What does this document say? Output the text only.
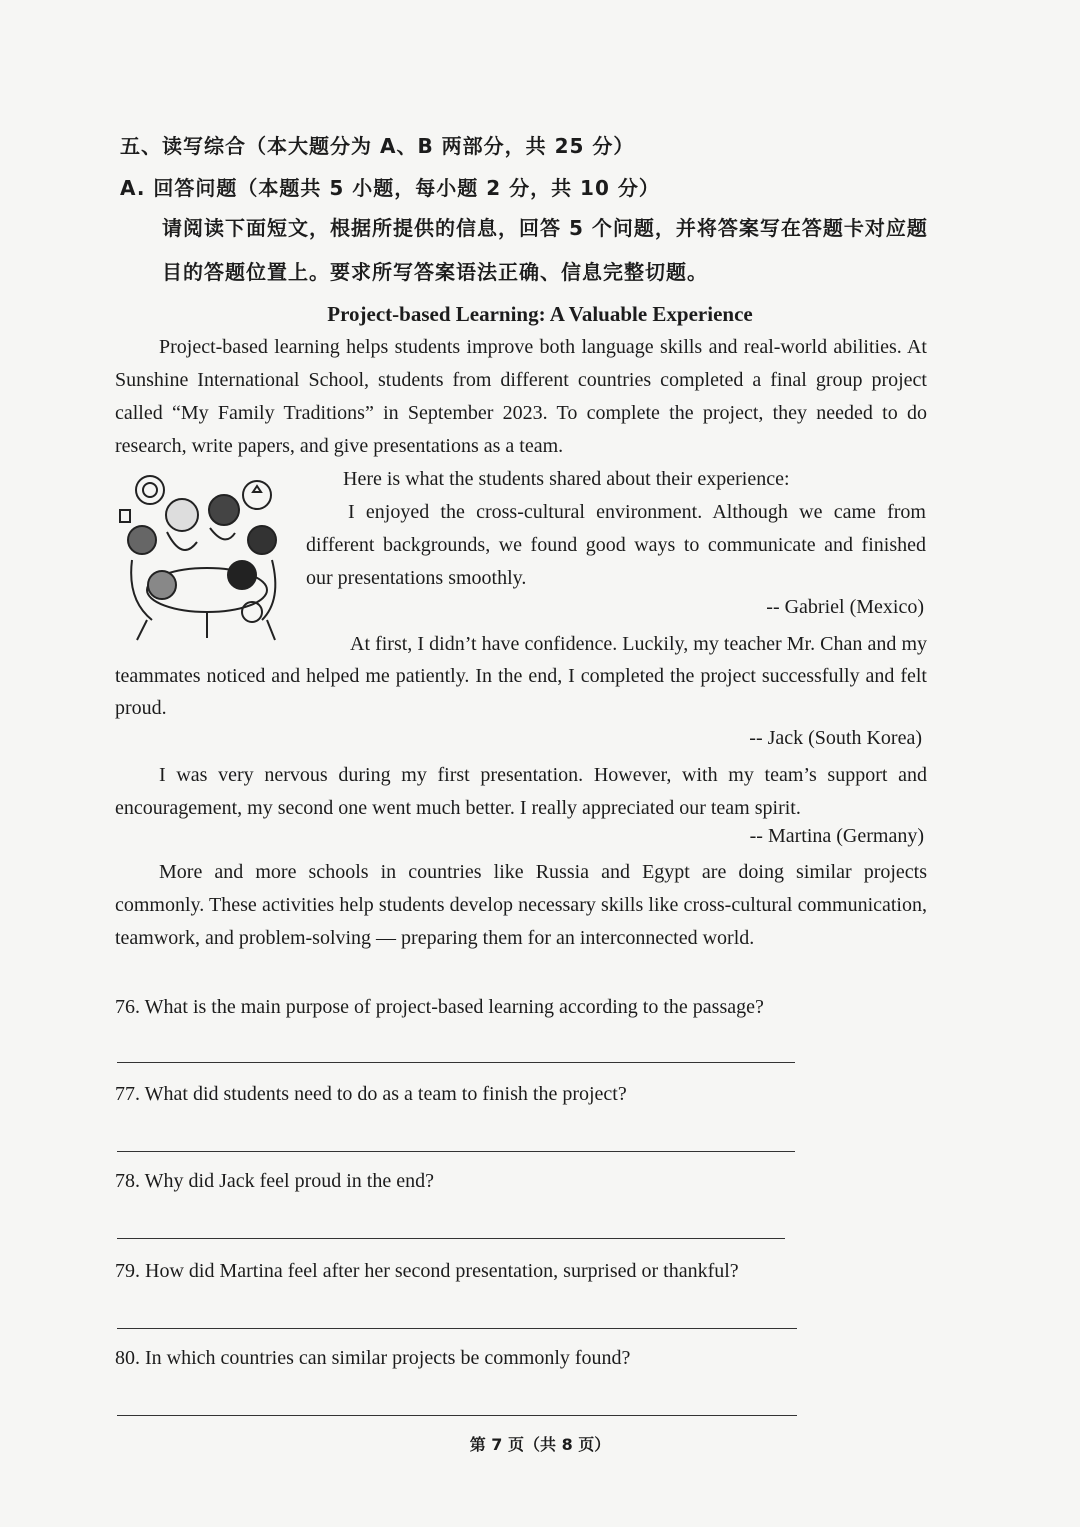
五、读写综合（本大题分为 A、B 两部分，共 25 分）
A. 回答问题（本题共 5 小题，每小题 2 分，共 10 分）
请阅读下面短文，根据所提供的信息，回答 5 个问题，并将答案写在答题卡对应题
目的答题位置上。要求所写答案语法正确、信息完整切题。
Project-based Learning: A Valuable Experience
Project-based learning helps students improve both language skills and real-world abilities. At Sunshine International School, students from different countries completed a final group project called “My Family Traditions” in September 2023. To complete the project, they needed to do research, write papers, and give presentations as a team.
Here is what the students shared about their experience:
I enjoyed the cross-cultural environment. Although we came from different backgrounds, we found good ways to communicate and finished our presentations smoothly.
-- Gabriel (Mexico)
At first, I didn’t have confidence. Luckily, my teacher Mr. Chan and my teammates noticed and helped me patiently. In the end, I completed the project successfully and felt proud.
-- Jack (South Korea)
I was very nervous during my first presentation. However, with my team’s support and encouragement, my second one went much better. I really appreciated our team spirit.
-- Martina (Germany)
More and more schools in countries like Russia and Egypt are doing similar projects commonly. These activities help students develop necessary skills like cross-cultural communication, teamwork, and problem-solving — preparing them for an interconnected world.
76. What is the main purpose of project-based learning according to the passage?
77. What did students need to do as a team to finish the project?
78. Why did Jack feel proud in the end?
79. How did Martina feel after her second presentation, surprised or thankful?
80. In which countries can similar projects be commonly found?
第 7 页（共 8 页）
